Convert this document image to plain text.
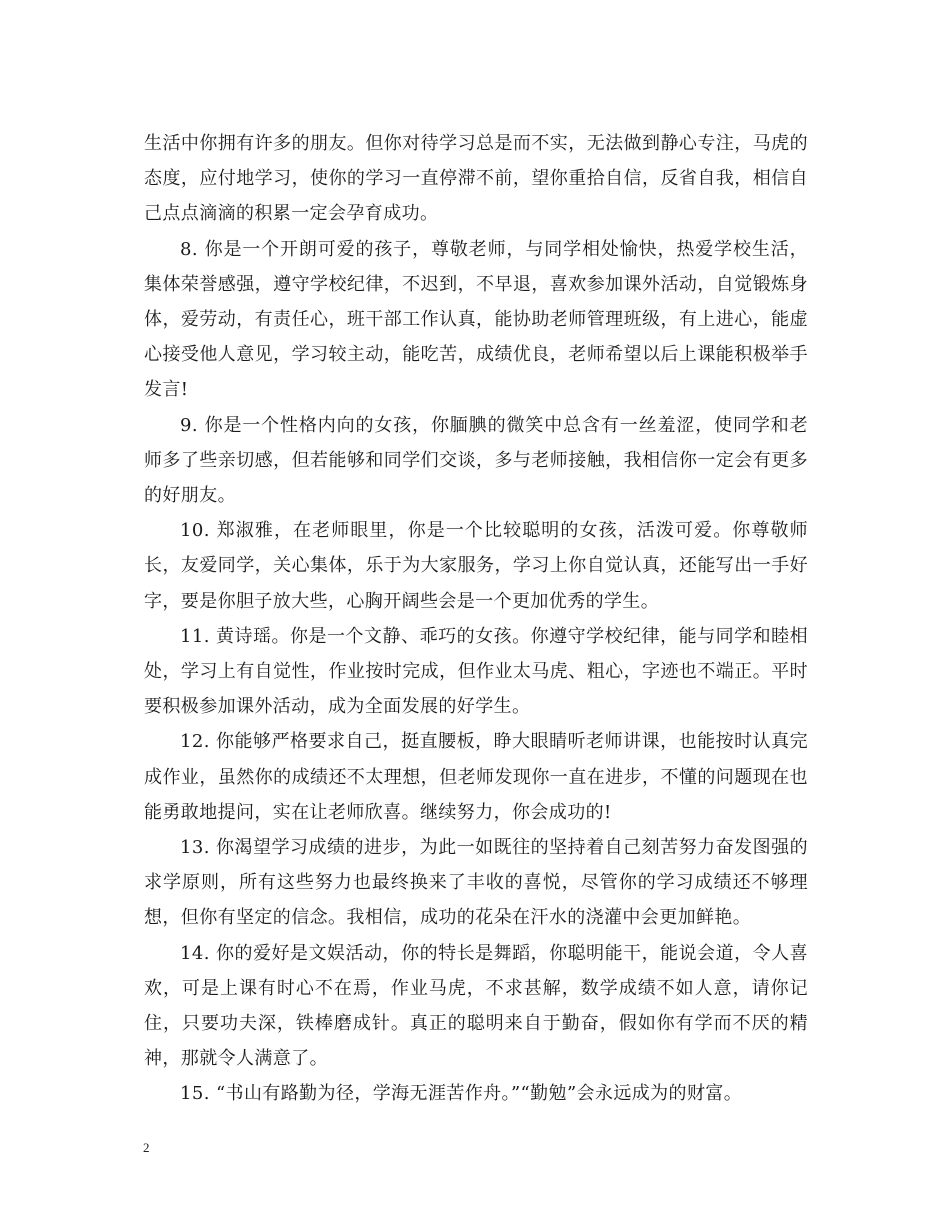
生活中你拥有许多的朋友。但你对待学习总是而不实，无法做到静心专注，马虎的态度，应付地学习，使你的学习一直停滞不前，望你重拾自信，反省自我，相信自己点点滴滴的积累一定会孕育成功。

8. 你是一个开朗可爱的孩子，尊敬老师，与同学相处愉快，热爱学校生活，集体荣誉感强，遵守学校纪律，不迟到，不早退，喜欢参加课外活动，自觉锻炼身体，爱劳动，有责任心，班干部工作认真，能协助老师管理班级，有上进心，能虚心接受他人意见，学习较主动，能吃苦，成绩优良，老师希望以后上课能积极举手发言!

9. 你是一个性格内向的女孩，你腼腆的微笑中总含有一丝羞涩，使同学和老师多了些亲切感，但若能够和同学们交谈，多与老师接触，我相信你一定会有更多的好朋友。

10. 郑淑雅，在老师眼里，你是一个比较聪明的女孩，活泼可爱。你尊敬师长，友爱同学，关心集体，乐于为大家服务，学习上你自觉认真，还能写出一手好字，要是你胆子放大些，心胸开阔些会是一个更加优秀的学生。

11. 黄诗瑶。你是一个文静、乖巧的女孩。你遵守学校纪律，能与同学和睦相处，学习上有自觉性，作业按时完成，但作业太马虎、粗心，字迹也不端正。平时要积极参加课外活动，成为全面发展的好学生。

12. 你能够严格要求自己，挺直腰板，睁大眼睛听老师讲课，也能按时认真完成作业，虽然你的成绩还不太理想，但老师发现你一直在进步，不懂的问题现在也能勇敢地提问，实在让老师欣喜。继续努力，你会成功的!

13. 你渴望学习成绩的进步，为此一如既往的坚持着自己刻苦努力奋发图强的求学原则，所有这些努力也最终换来了丰收的喜悦，尽管你的学习成绩还不够理想，但你有坚定的信念。我相信，成功的花朵在汗水的浇灌中会更加鲜艳。

14. 你的爱好是文娱活动，你的特长是舞蹈，你聪明能干，能说会道，令人喜欢，可是上课有时心不在焉，作业马虎，不求甚解，数学成绩不如人意，请你记住，只要功夫深，铁棒磨成针。真正的聪明来自于勤奋，假如你有学而不厌的精神，那就令人满意了。

15. “书山有路勤为径，学海无涯苦作舟。”“勤勉”会永远成为的财富。

2
